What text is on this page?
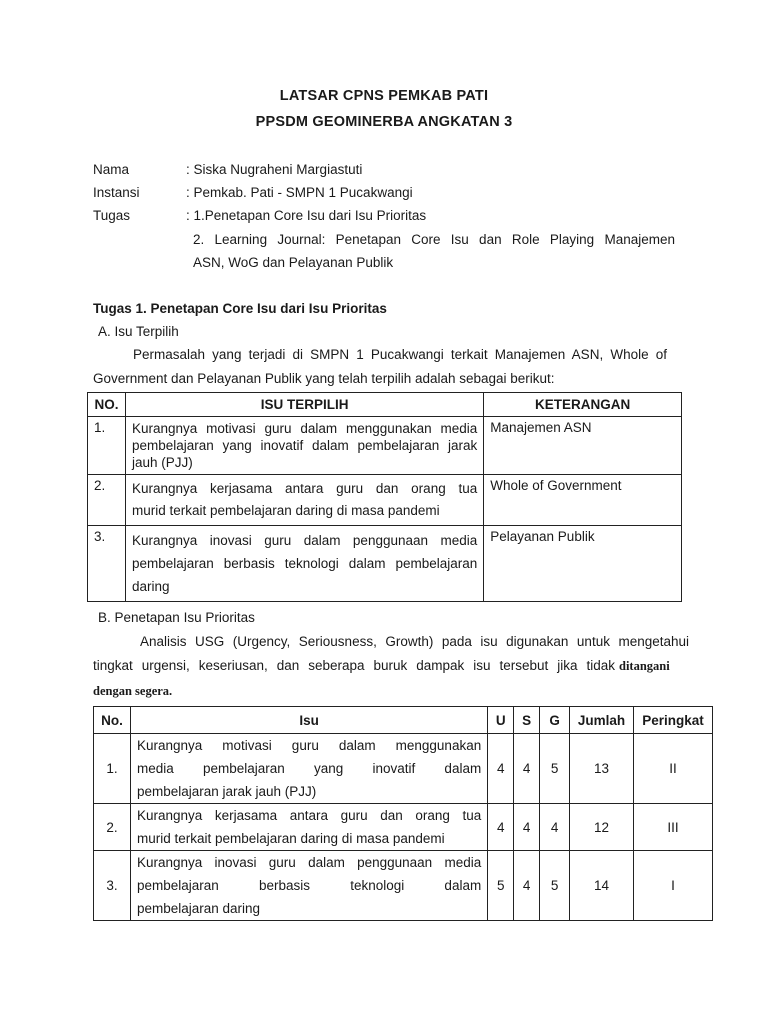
LATSAR CPNS PEMKAB PATI
PPSDM GEOMINERBA ANGKATAN 3
Nama	: Siska Nugraheni Margiastuti
Instansi	: Pemkab. Pati - SMPN 1 Pucakwangi
Tugas	: 1.Penetapan Core Isu dari Isu Prioritas
2. Learning Journal: Penetapan Core Isu dan Role Playing Manajemen
ASN, WoG dan Pelayanan Publik
Tugas 1. Penetapan Core Isu dari Isu Prioritas
A. Isu Terpilih
Permasalah yang terjadi di SMPN 1 Pucakwangi terkait Manajemen ASN, Whole of
Government dan Pelayanan Publik yang telah terpilih adalah sebagai berikut:
NO.	ISU TERPILIH	KETERANGAN
1.	Kurangnya motivasi guru dalam menggunakan media
pembelajaran yang inovatif dalam pembelajaran jarak
jauh (PJJ)	Manajemen ASN
2.	Kurangnya kerjasama antara guru dan orang tua
murid terkait pembelajaran daring di masa pandemi	Whole of Government
3.	Kurangnya inovasi guru dalam penggunaan media
pembelajaran berbasis teknologi dalam pembelajaran
daring	Pelayanan Publik
B. Penetapan Isu Prioritas
Analisis USG (Urgency, Seriousness, Growth) pada isu digunakan untuk mengetahui
tingkat urgensi, keseriusan, dan seberapa buruk dampak isu tersebut jika tidak ditangani
dengan segera.
No.	Isu	U	S	G	Jumlah	Peringkat
1.	Kurangnya motivasi guru dalam menggunakan
media pembelajaran yang inovatif dalam
pembelajaran jarak jauh (PJJ)	4	4	5	13	II
2.	Kurangnya kerjasama antara guru dan orang tua
murid terkait pembelajaran daring di masa pandemi	4	4	4	12	III
3.	Kurangnya inovasi guru dalam penggunaan media
pembelajaran berbasis teknologi dalam
pembelajaran daring	5	4	5	14	I
